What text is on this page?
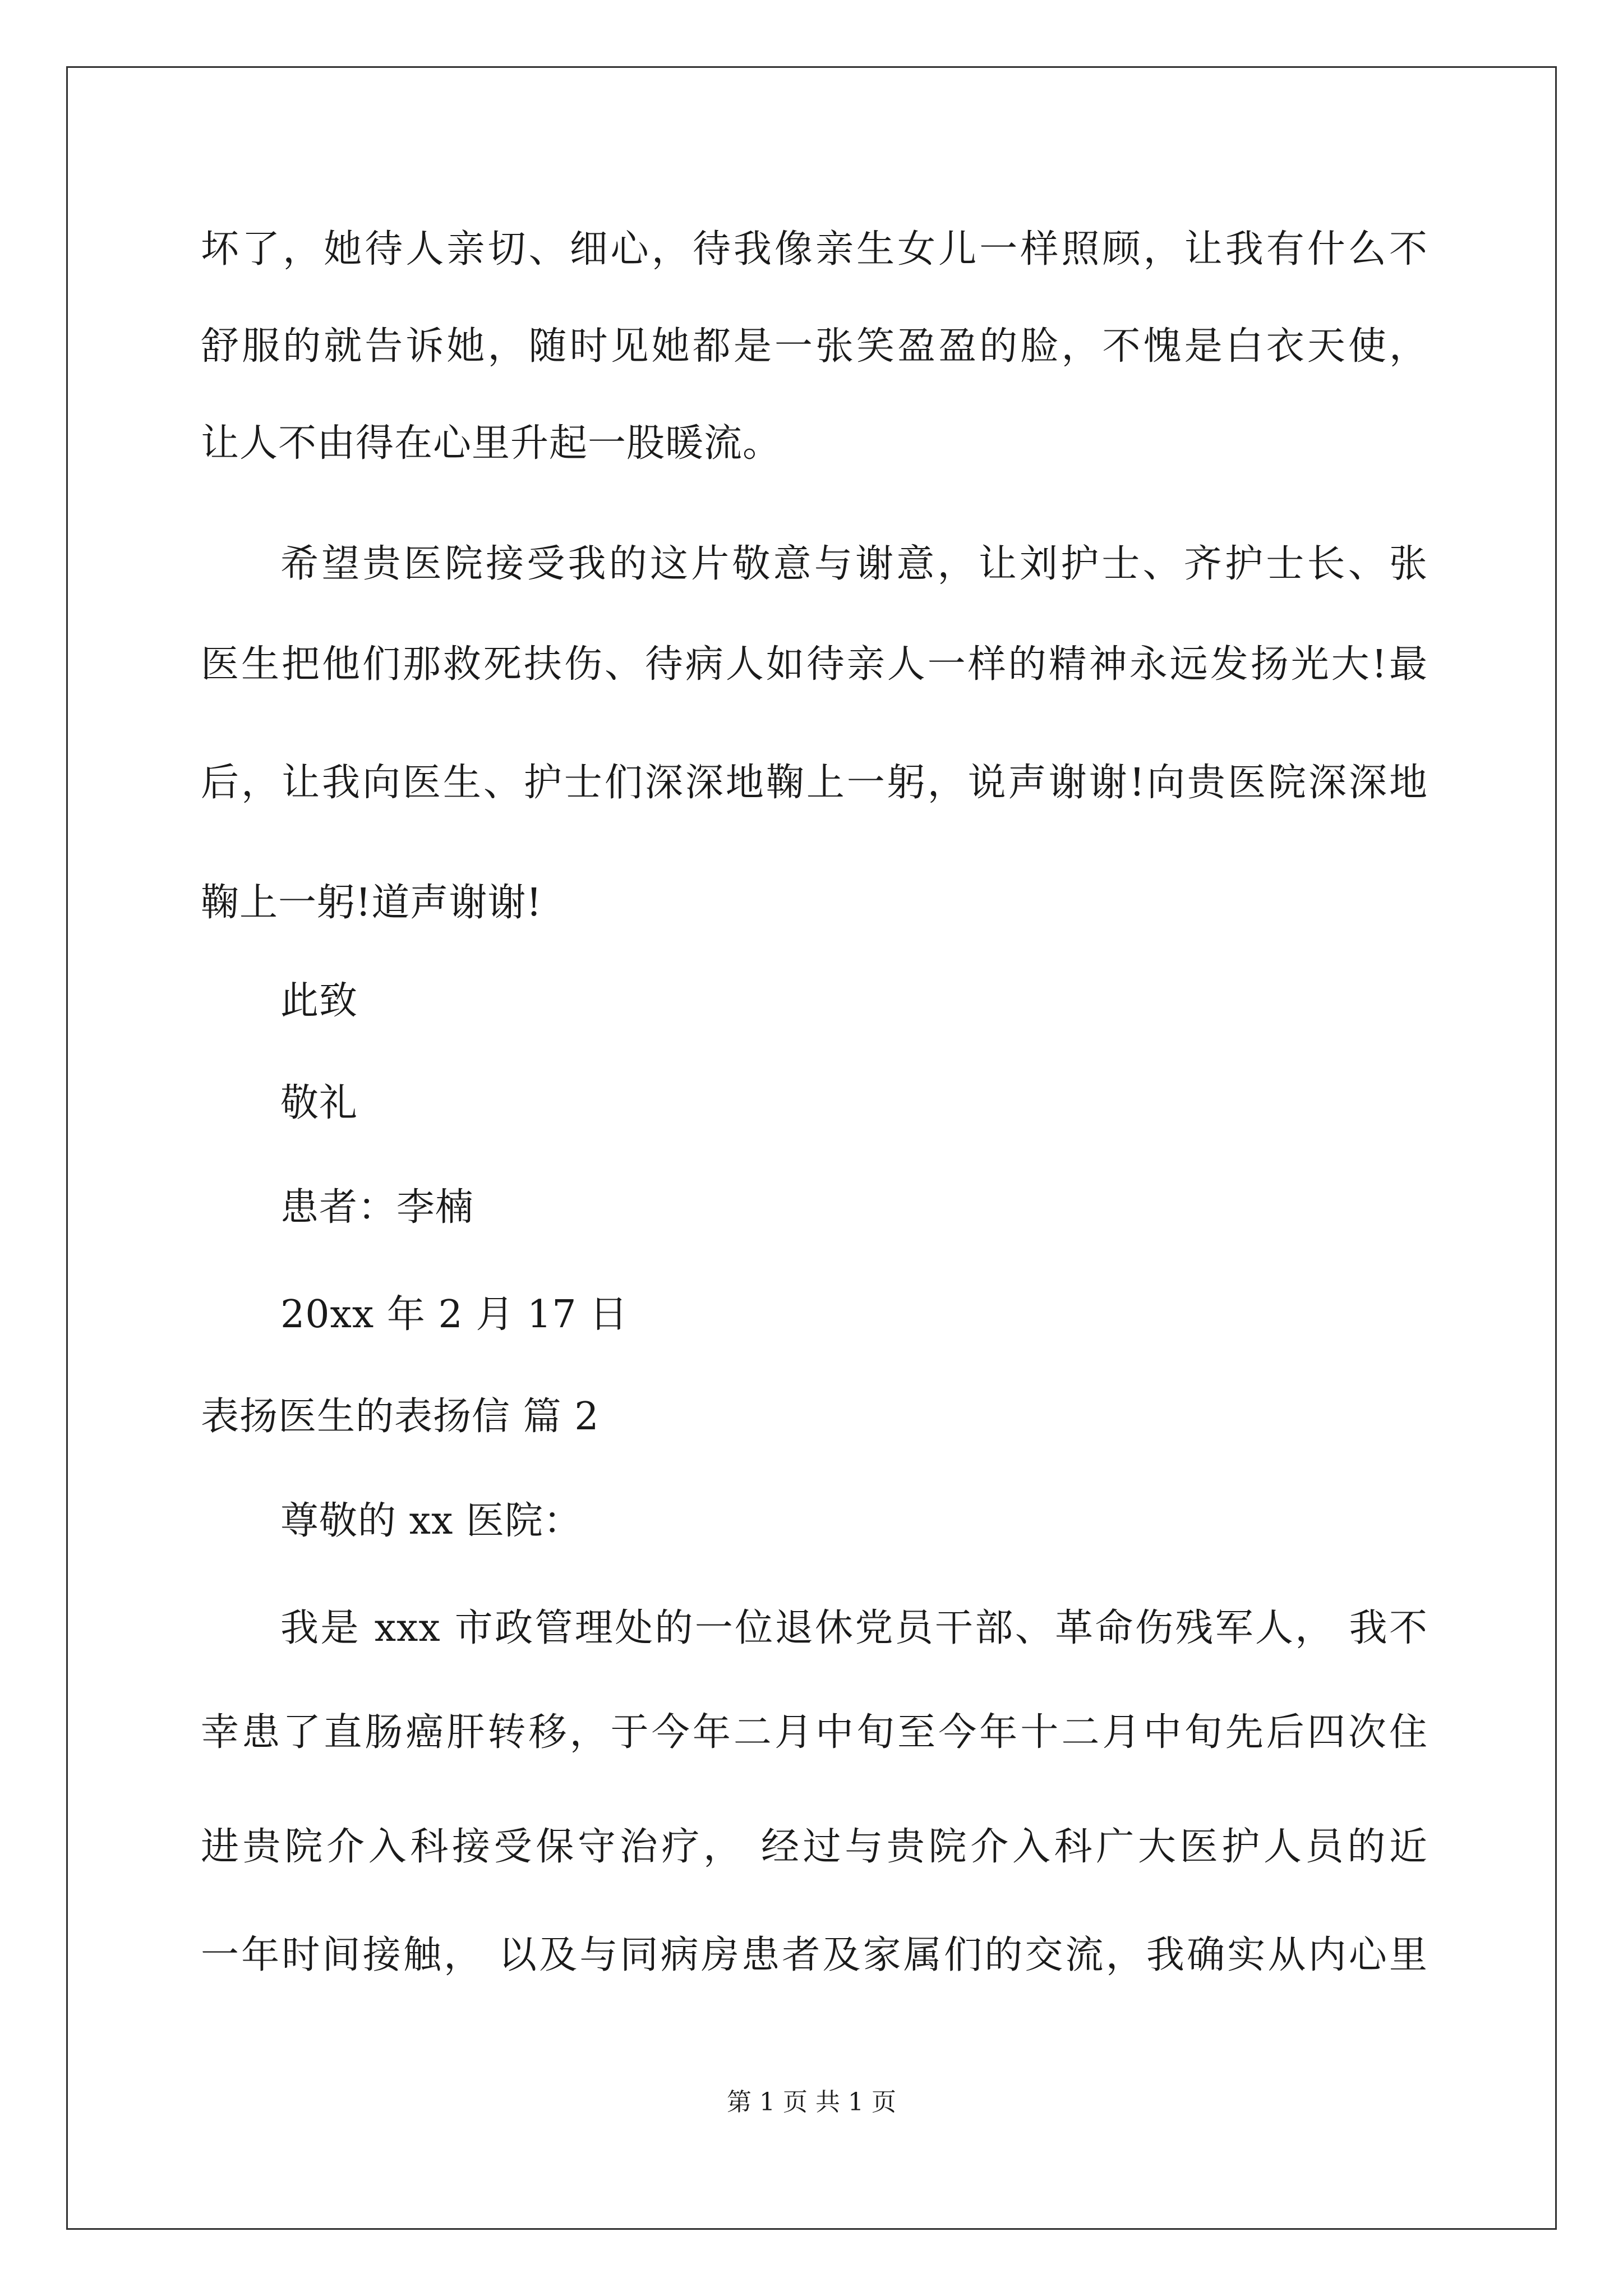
坏了，她待人亲切、细心，待我像亲生女儿一样照顾，让我有什么不
舒服的就告诉她，随时见她都是一张笑盈盈的脸，不愧是白衣天使，
让人不由得在心里升起一股暖流。
希望贵医院接受我的这片敬意与谢意，让刘护士、齐护士长、张
医生把他们那救死扶伤、待病人如待亲人一样的精神永远发扬光大!最
后，让我向医生、护士们深深地鞠上一躬，说声谢谢!向贵医院深深地
鞠上一躬!道声谢谢!
此致
敬礼
患者：李楠
20xx 年 2 月 17 日
表扬医生的表扬信 篇 2
尊敬的 xx 医院：
我是 xxx 市政管理处的一位退休党员干部、革命伤残军人， 我不
幸患了直肠癌肝转移，于今年二月中旬至今年十二月中旬先后四次住
进贵院介入科接受保守治疗， 经过与贵院介入科广大医护人员的近
一年时间接触， 以及与同病房患者及家属们的交流，我确实从内心里
第 1 页 共 1 页
